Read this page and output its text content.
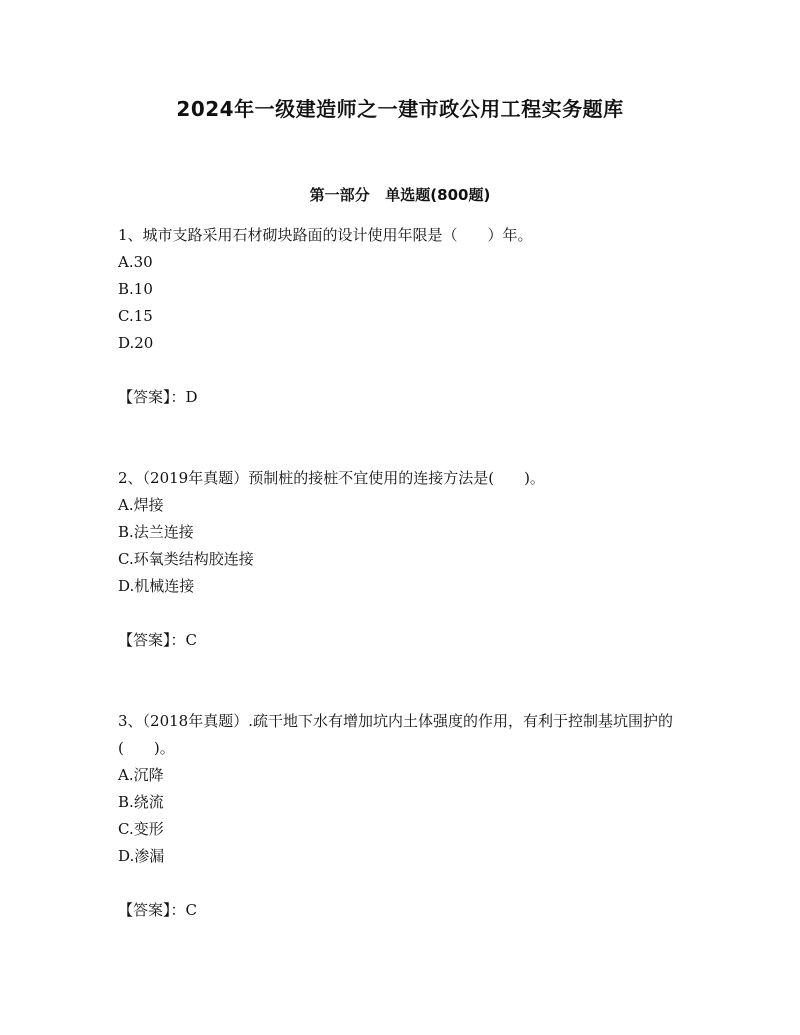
2024年一级建造师之一建市政公用工程实务题库
第一部分   单选题(800题)

1、城市支路采用石材砌块路面的设计使用年限是（　　）年。

A.30

B.10

C.15

D.20

【答案】：D

2、（2019年真题）预制桩的接桩不宜使用的连接方法是(　　)。

A.焊接

B.法兰连接

C.环氧类结构胶连接

D.机械连接

【答案】：C

3、（2018年真题）.疏干地下水有增加坑内土体强度的作用，有利于控制基坑围护的(　　)。

A.沉降

B.绕流

C.变形

D.渗漏

【答案】：C
